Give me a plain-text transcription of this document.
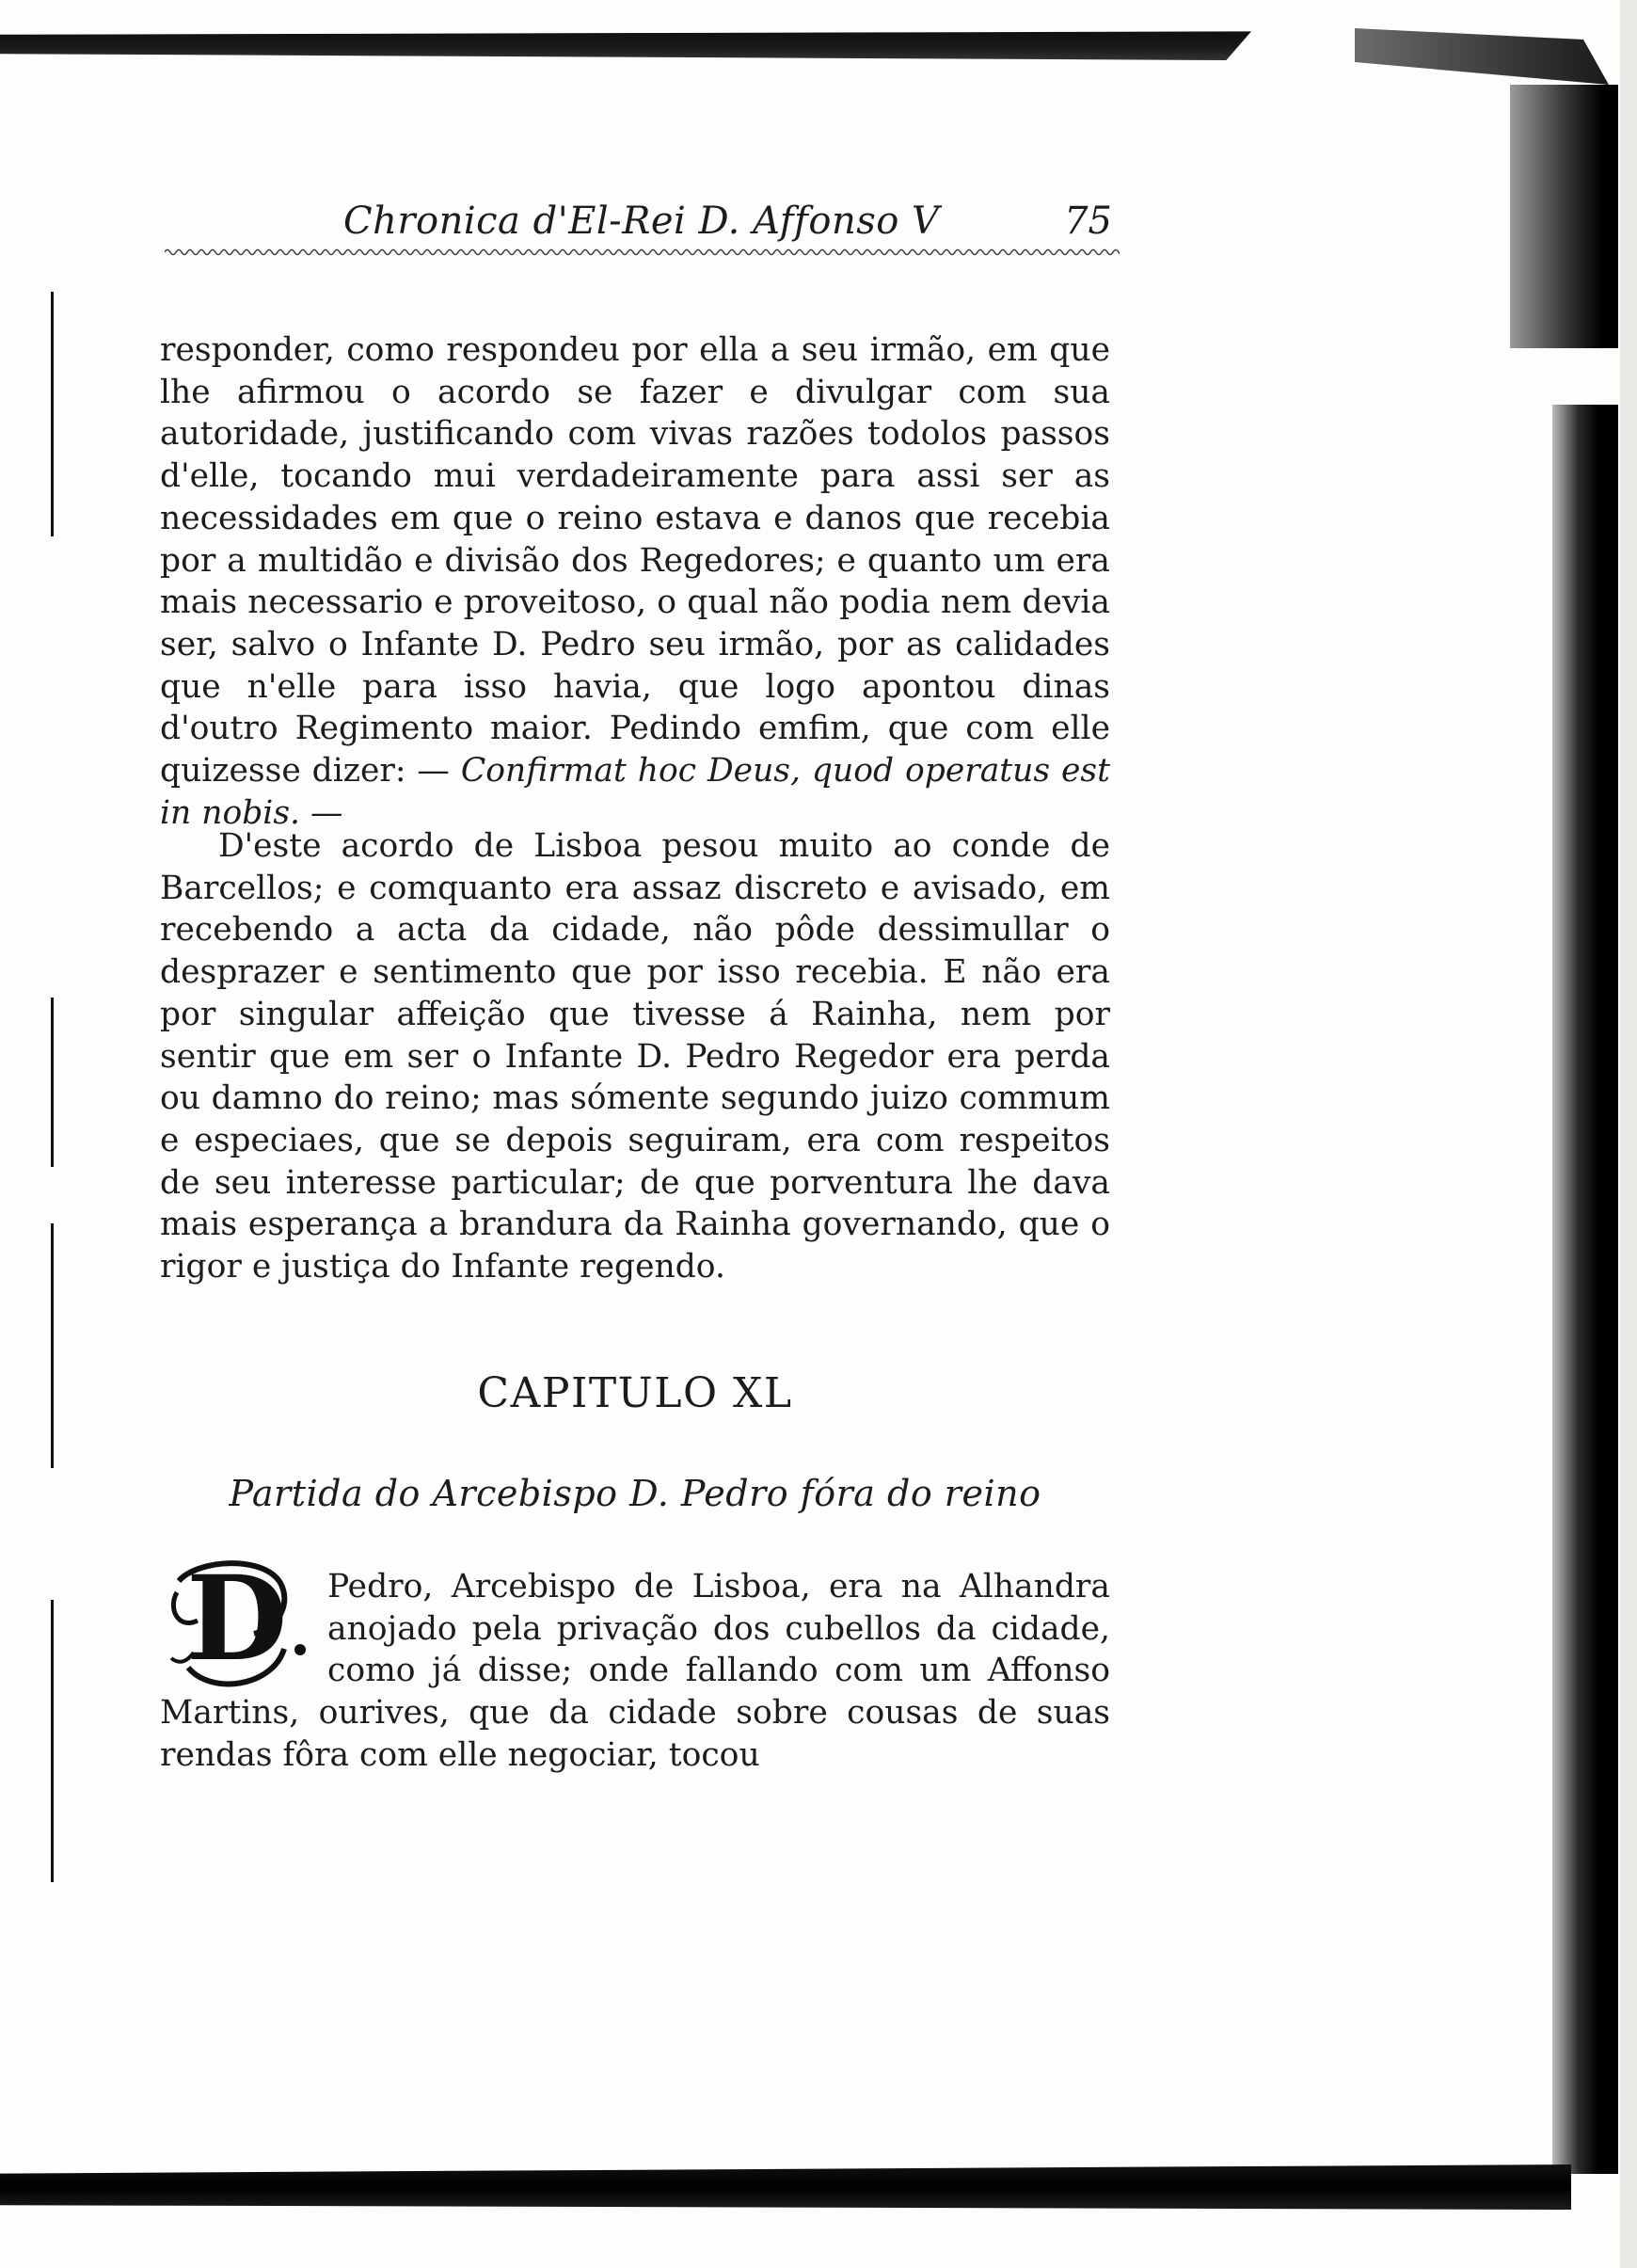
Chronica d'El-Rei D. Affonso V	75

responder, como respondeu por ella a seu irmão, em que lhe afirmou o acordo se fazer e divulgar com sua autoridade, justificando com vivas razões todolos passos d'elle, tocando mui verdadeiramente para assi ser as necessidades em que o reino estava e danos que recebia por a multidão e divisão dos Regedores; e quanto um era mais necessario e proveitoso, o qual não podia nem devia ser, salvo o Infante D. Pedro seu irmão, por as calidades que n'elle para isso havia, que logo apontou dinas d'outro Regimento maior. Pedindo emfim, que com elle quizesse dizer: — Confirmat hoc Deus, quod operatus est in nobis. —

D'este acordo de Lisboa pesou muito ao conde de Barcellos; e comquanto era assaz discreto e avisado, em recebendo a acta da cidade, não pôde dessimullar o desprazer e sentimento que por isso recebia. E não era por singular affeição que tivesse á Rainha, nem por sentir que em ser o Infante D. Pedro Regedor era perda ou damno do reino; mas sómente segundo juizo commum e especiaes, que se depois seguiram, era com respeitos de seu interesse particular; de que porventura lhe dava mais esperança a brandura da Rainha governando, que o rigor e justiça do Infante regendo.

CAPITULO XL
Partida do Arcebispo D. Pedro fóra do reino
D	Pedro, Arcebispo de Lisboa, era na Alhandra anojado pela privação dos cubellos da cidade, como já disse; onde fallando com um Affonso Martins, ourives, que da cidade sobre cousas de suas rendas fôra com elle negociar, tocou
